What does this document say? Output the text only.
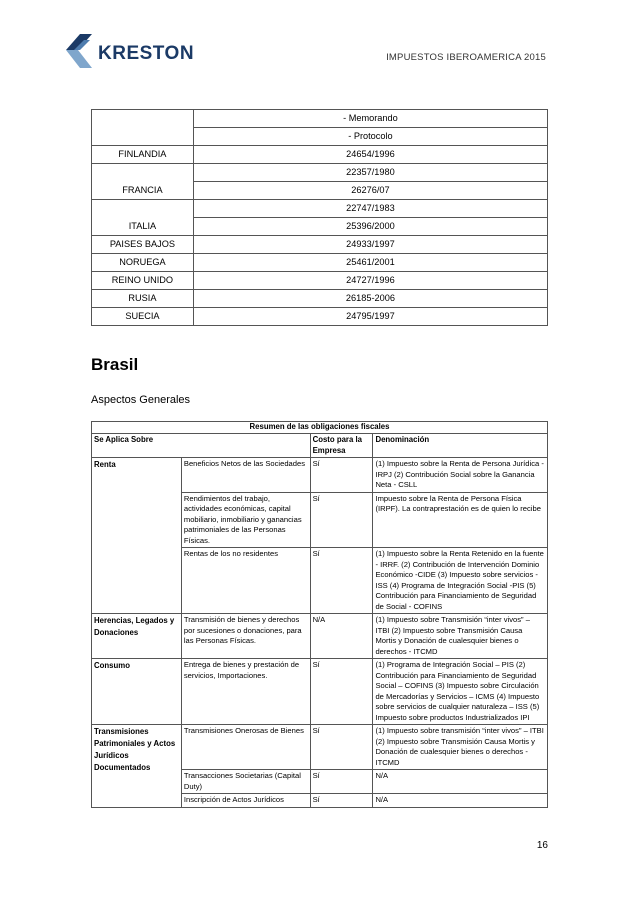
KRESTON	IMPUESTOS IBEROAMERICA 2015
	- Memorando
	- Protocolo
FINLANDIA	24654/1996
FRANCIA	22357/1980
	26276/07
ITALIA	22747/1983
	25396/2000
PAISES BAJOS	24933/1997
NORUEGA	25461/2001
REINO UNIDO	24727/1996
RUSIA	26185-2006
SUECIA	24795/1997
Brasil
Aspectos Generales
Resumen de las obligaciones fiscales			
Se Aplica Sobre		Costo para la Empresa	Denominación
Renta	Beneficios Netos de las Sociedades	Sí	(1) Impuesto sobre la Renta de Persona Jurídica -IRPJ (2) Contribución Social sobre la Ganancia Neta - CSLL
	Rendimientos del trabajo, actividades económicas, capital mobiliario, inmobiliario y ganancias patrimoniales de las Personas Físicas.	Sí	Impuesto sobre la Renta de Persona Física (IRPF). La contraprestación es de quien lo recibe
	Rentas de los no residentes	Sí	(1) Impuesto sobre la Renta Retenido en la fuente - IRRF. (2) Contribución de Intervención Dominio Económico -CIDE (3) Impuesto sobre servicios - ISS (4) Programa de Integración Social -PIS (5) Contribución para Financiamiento de Seguridad de Social - COFINS
Herencias, Legados y Donaciones	Transmisión de bienes y derechos por sucesiones o donaciones, para las Personas Físicas.	N/A	(1) Impuesto sobre Transmisión “inter vivos” – ITBI (2) Impuesto sobre Transmisión Causa Mortis y Donación de cualesquier bienes o derechos - ITCMD
Consumo	Entrega de bienes y prestación de servicios, Importaciones.	Sí	(1) Programa de Integración Social – PIS (2) Contribución para Financiamiento de Seguridad Social – COFINS (3) Impuesto sobre Circulación de Mercadorías y Servicios – ICMS (4) Impuesto sobre servicios de cualquier naturaleza – ISS (5) Impuesto sobre productos Industrializados IPI
Transmisiones Patrimoniales y Actos Jurídicos Documentados	Transmisiones Onerosas de Bienes	Sí	(1) Impuesto sobre transmisión “inter vivos” – ITBI (2) Impuesto sobre Transmisión Causa Mortis y Donación de cualesquier bienes o derechos - ITCMD
	Transacciones Societarias (Capital Duty)	Sí	N/A
	Inscripción de Actos Jurídicos	Sí	N/A
16
